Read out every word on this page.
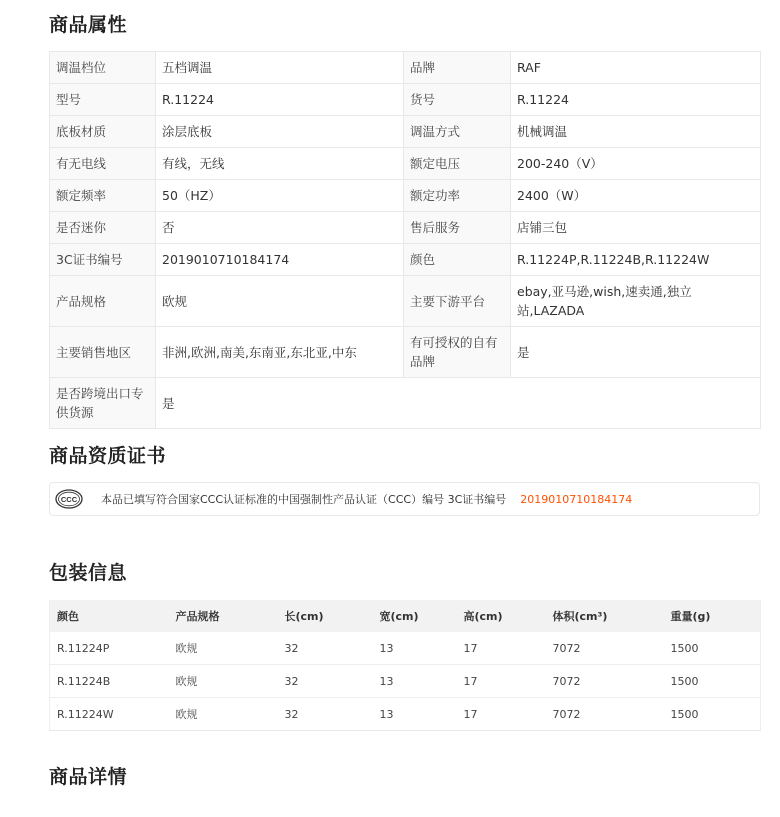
商品属性
调温档位	五档调温	品牌	RAF
型号	R.11224	货号	R.11224
底板材质	涂层底板	调温方式	机械调温
有无电线	有线，无线	额定电压	200-240（V）
额定频率	50（HZ）	额定功率	2400（W）
是否迷你	否	售后服务	店铺三包
3C证书编号	2019010710184174	颜色	R.11224P,R.11224B,R.11224W
产品规格	欧规	主要下游平台	ebay,亚马逊,wish,速卖通,独立站,LAZADA
主要销售地区	非洲,欧洲,南美,东南亚,东北亚,中东	有可授权的自有品牌	是
是否跨境出口专供货源	是		
商品资质证书
CCC 本品已填写符合国家CCC认证标准的中国强制性产品认证（CCC）编号 3C证书编号 2019010710184174
包装信息
颜色	产品规格	长(cm)	宽(cm)	高(cm)	体积(cm³)	重量(g)
R.11224P	欧规	32	13	17	7072	1500
R.11224B	欧规	32	13	17	7072	1500
R.11224W	欧规	32	13	17	7072	1500
商品详情
